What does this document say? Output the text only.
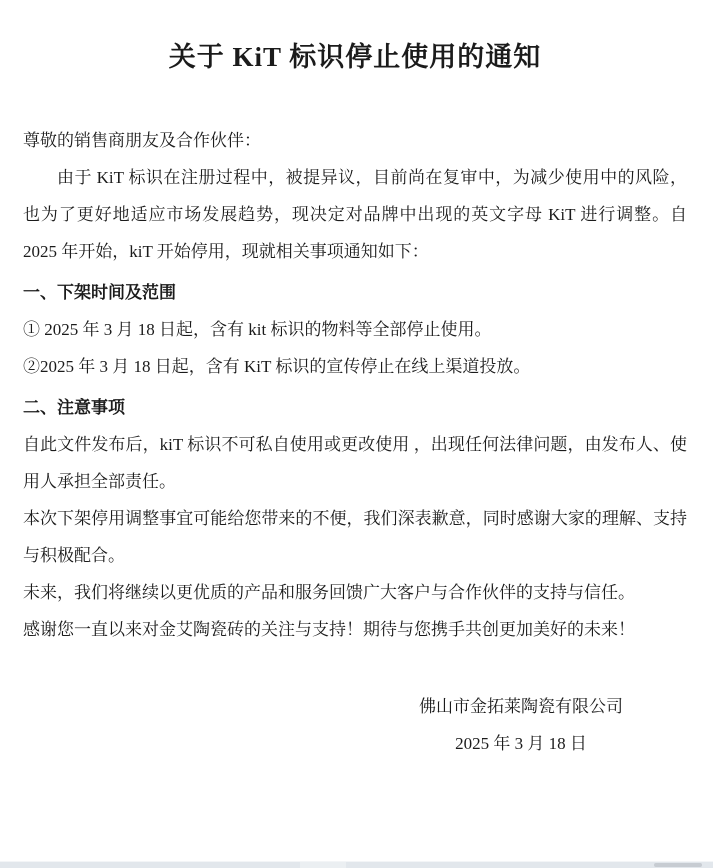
关于 KiT 标识停止使用的通知

尊敬的销售商朋友及合作伙伴：

由于 KiT 标识在注册过程中，被提异议，目前尚在复审中，为减少使用中的风险，也为了更好地适应市场发展趋势，现决定对品牌中出现的英文字母 KiT 进行调整。自 2025 年开始，kiT 开始停用，现就相关事项通知如下：

一、下架时间及范围

① 2025 年 3 月 18 日起，含有 kit 标识的物料等全部停止使用。

②2025 年 3 月 18 日起，含有 KiT 标识的宣传停止在线上渠道投放。

二、注意事项

自此文件发布后，kiT 标识不可私自使用或更改使用 ，出现任何法律问题，由发布人、使用人承担全部责任。

本次下架停用调整事宜可能给您带来的不便，我们深表歉意，同时感谢大家的理解、支持与积极配合。

未来，我们将继续以更优质的产品和服务回馈广大客户与合作伙伴的支持与信任。

感谢您一直以来对金艾陶瓷砖的关注与支持！期待与您携手共创更加美好的未来！

佛山市金拓莱陶瓷有限公司
2025 年 3 月 18 日
